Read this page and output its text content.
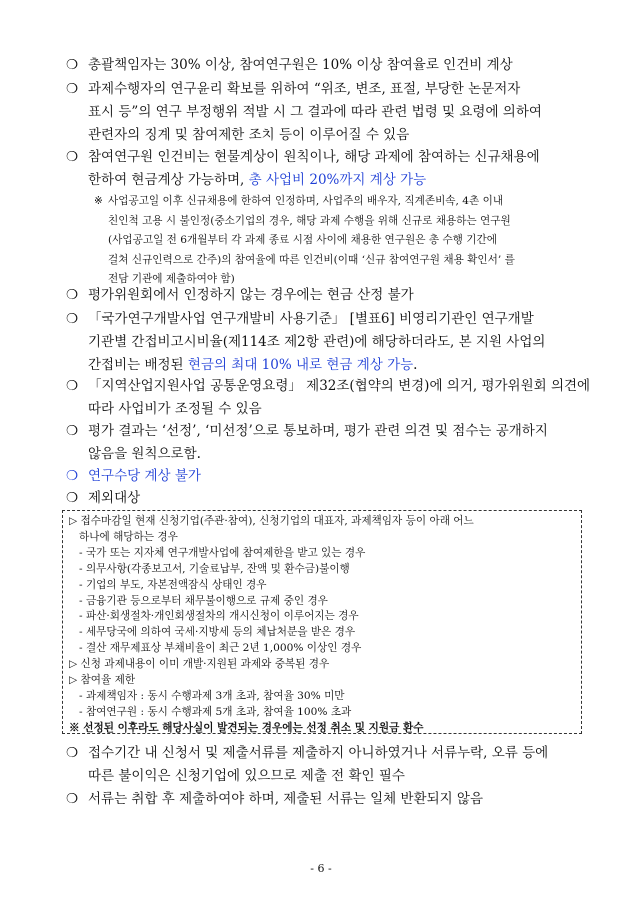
❍ 총괄책임자는 30% 이상, 참여연구원은 10% 이상 참여율로 인건비 계상
❍ 과제수행자의 연구윤리 확보를 위하여 “위조, 변조, 표절, 부당한 논문저자
표시 등”의 연구 부정행위 적발 시 그 결과에 따라 관련 법령 및 요령에 의하여
관련자의 징계 및 참여제한 조치 등이 이루어질 수 있음
❍ 참여연구원 인건비는 현물계상이 원칙이나, 해당 과제에 참여하는 신규채용에
한하여 현금계상 가능하며, 총 사업비 20%까지 계상 가능
❍ 평가위원회에서 인정하지 않는 경우에는 현금 산정 불가
❍ 「국가연구개발사업 연구개발비 사용기준」 [별표6] 비영리기관인 연구개발
기관별 간접비고시비율(제114조 제2항 관련)에 해당하더라도, 본 지원 사업의
간접비는 배정된 현금의 최대 10% 내로 현금 계상 가능.
❍ 「지역산업지원사업 공통운영요령」 제32조(협약의 변경)에 의거, 평가위원회 의견에
따라 사업비가 조정될 수 있음
❍ 평가 결과는 ‘선정’, ‘미선정’으로 통보하며, 평가 관련 의견 및 점수는 공개하지
않음을 원칙으로함.
❍ 연구수당 계상 불가
❍ 제외대상
❍ 접수기간 내 신청서 및 제출서류를 제출하지 아니하였거나 서류누락, 오류 등에
따른 불이익은 신청기업에 있으므로 제출 전 확인 필수
❍ 서류는 취합 후 제출하여야 하며, 제출된 서류는 일체 반환되지 않음
※ 사업공고일 이후 신규채용에 한하여 인정하며, 사업주의 배우자, 직계존비속, 4촌 이내
친인척 고용 시 불인정(중소기업의 경우, 해당 과제 수행을 위해 신규로 채용하는 연구원
(사업공고일 전 6개월부터 각 과제 종료 시점 사이에 채용한 연구원은 총 수행 기간에
걸쳐 신규인력으로 간주)의 참여율에 따른 인건비(이때 ‘신규 참여연구원 채용 확인서’ 를
전담 기관에 제출하여야 함)
▷ 접수마감일 현재 신청기업(주관·참여), 신청기업의 대표자, 과제책임자 등이 아래 어느
하나에 해당하는 경우
- 국가 또는 지자체 연구개발사업에 참여제한을 받고 있는 경우
- 의무사항(각종보고서, 기술료납부, 잔액 및 환수금)불이행
- 기업의 부도, 자본전액잠식 상태인 경우
- 금융기관 등으로부터 채무불이행으로 규제 중인 경우
- 파산·회생절차·개인회생절차의 개시신청이 이루어지는 경우
- 세무당국에 의하여 국세·지방세 등의 체납처분을 받은 경우
- 결산 재무제표상 부채비율이 최근 2년 1,000% 이상인 경우
▷ 신청 과제내용이 이미 개발·지원된 과제와 중복된 경우
▷ 참여율 제한
- 과제책임자 : 동시 수행과제 3개 초과, 참여율 30% 미만
- 참여연구원 : 동시 수행과제 5개 초과, 참여율 100% 초과
※ 선정된 이후라도 해당사실이 발견되는 경우에는 선정 취소 및 지원금 환수
- 6 -
